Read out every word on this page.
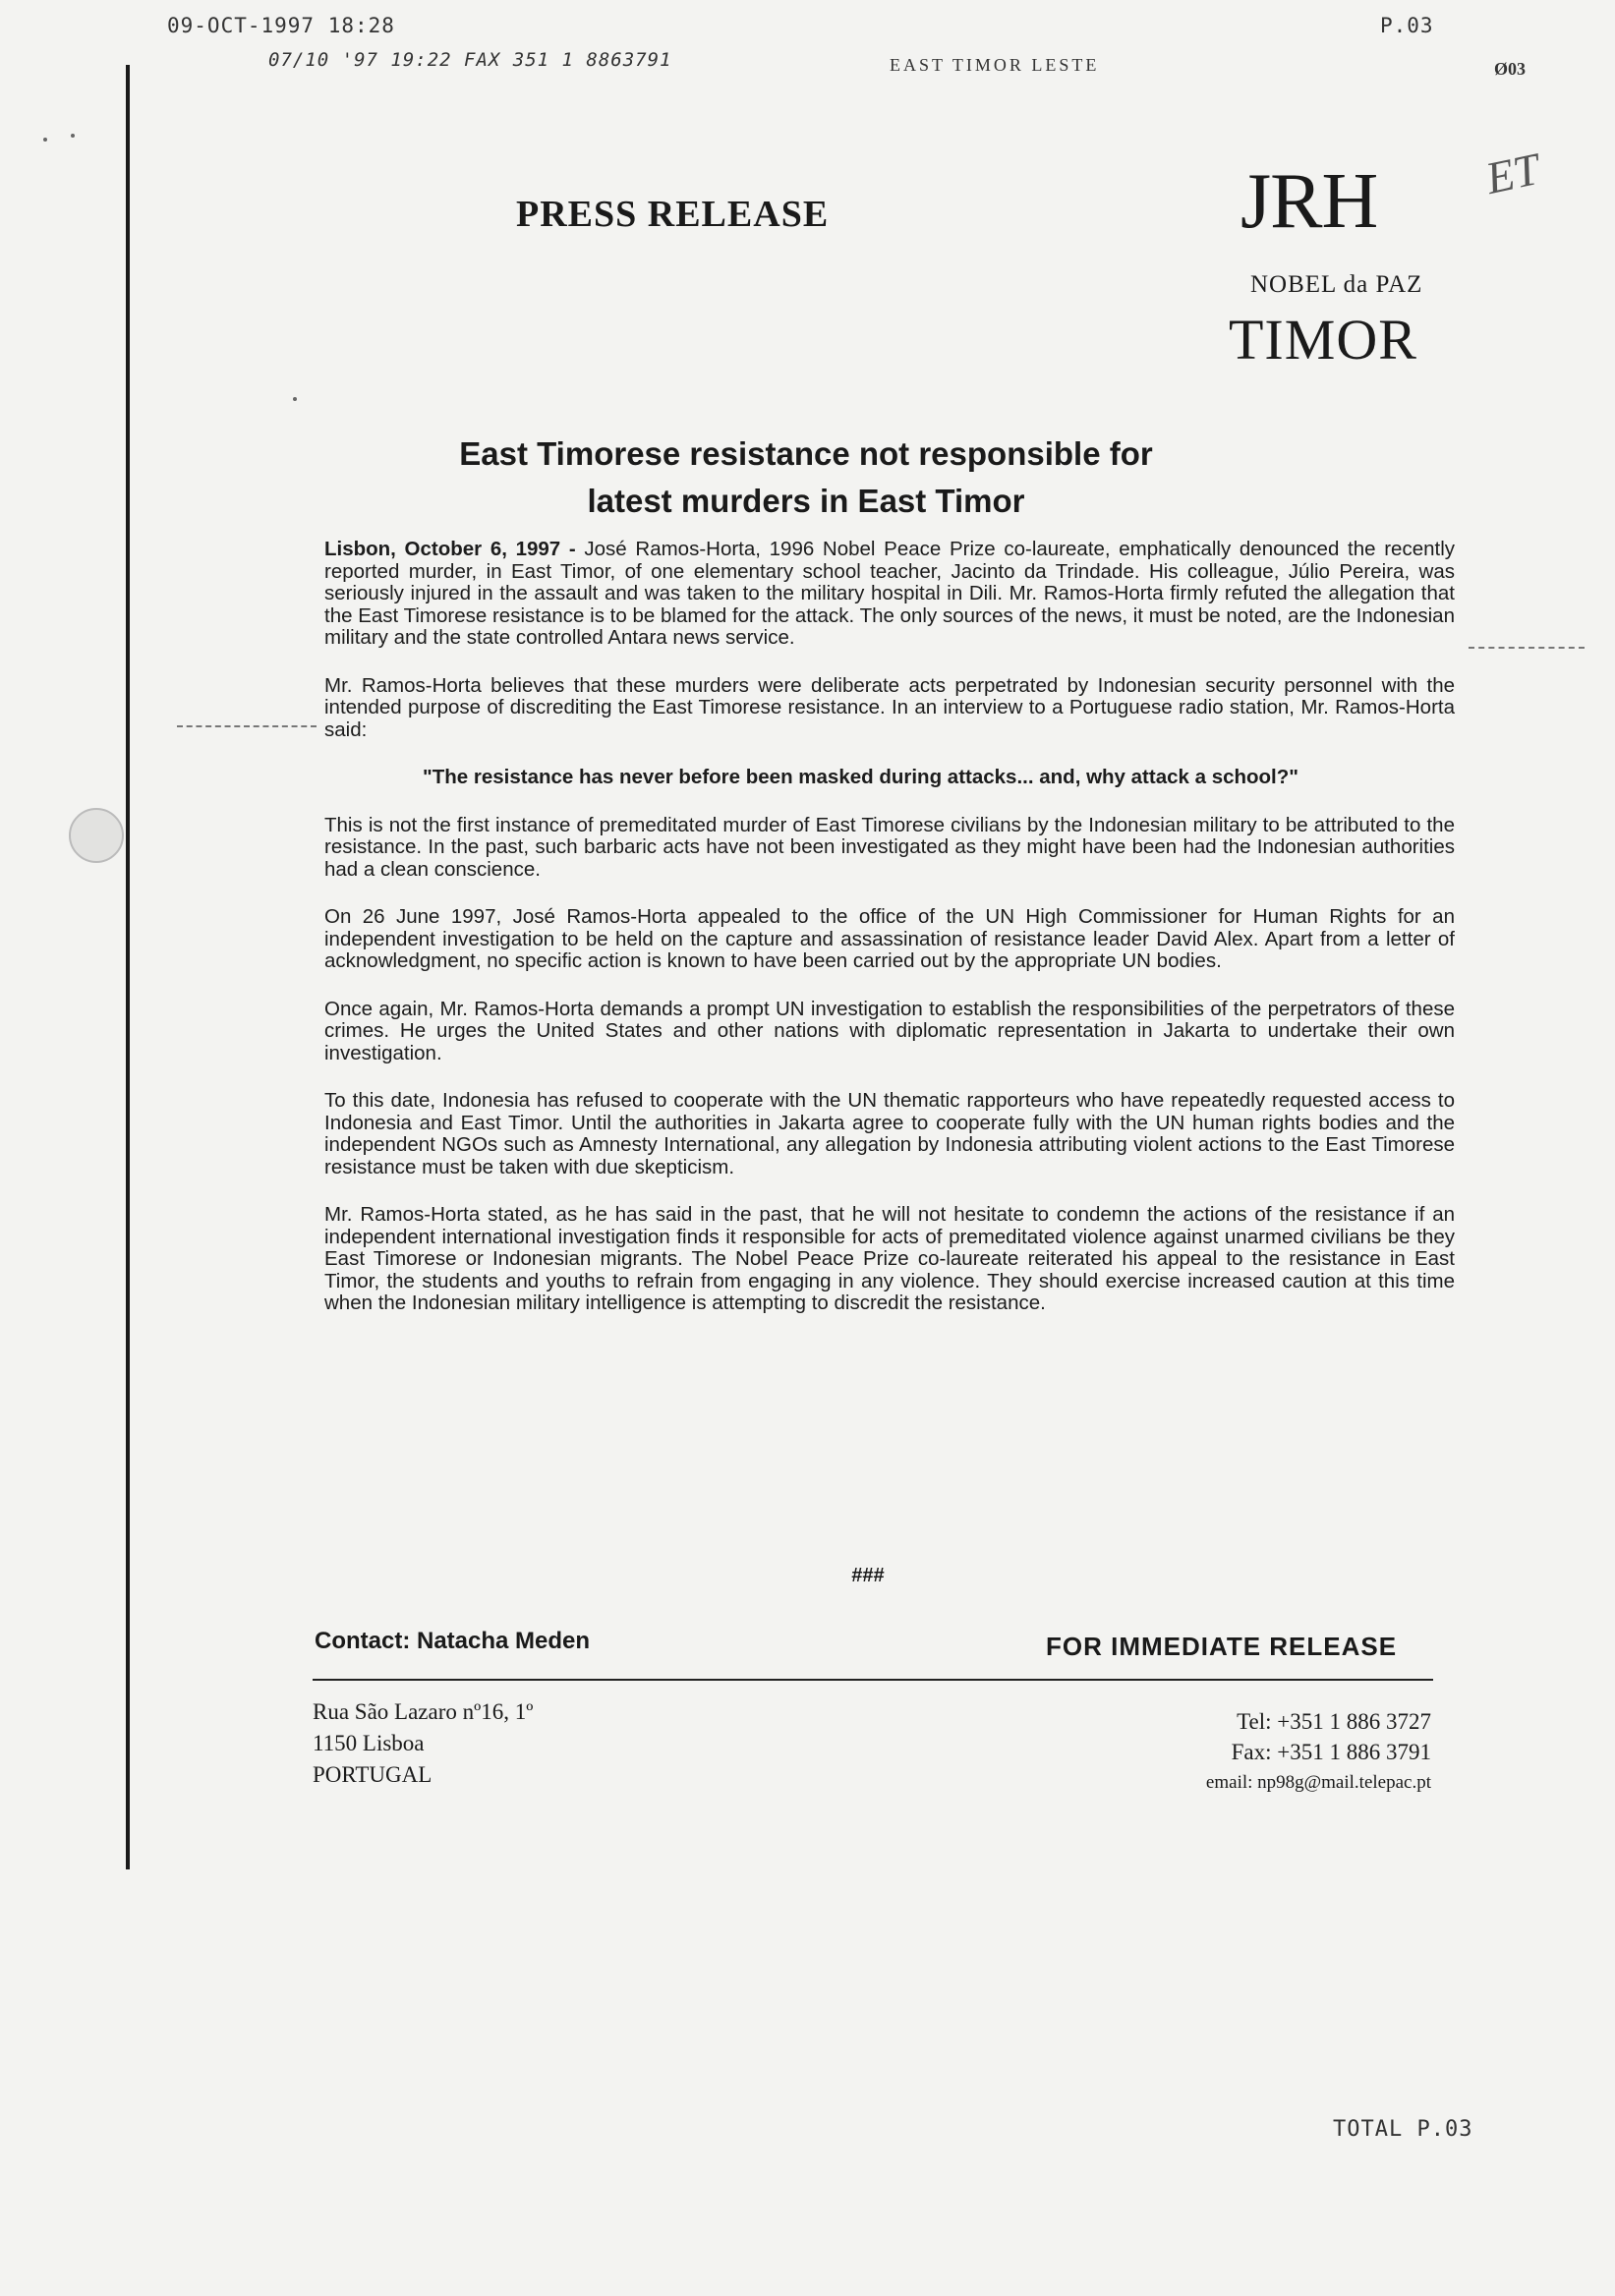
09-OCT-1997 18:28	P.03
07/10 '97 19:22 FAX 351 1 8863791	EAST TIMOR LESTE	Ø03
PRESS RELEASE	JRH ET
NOBEL da PAZ
TIMOR
East Timorese resistance not responsible for
latest murders in East Timor

Lisbon, October 6, 1997 - José Ramos-Horta, 1996 Nobel Peace Prize co-laureate, emphatically denounced the recently reported murder, in East Timor, of one elementary school teacher, Jacinto da Trindade. His colleague, Júlio Pereira, was seriously injured in the assault and was taken to the military hospital in Dili. Mr. Ramos-Horta firmly refuted the allegation that the East Timorese resistance is to be blamed for the attack. The only sources of the news, it must be noted, are the Indonesian military and the state controlled Antara news service.

Mr. Ramos-Horta believes that these murders were deliberate acts perpetrated by Indonesian security personnel with the intended purpose of discrediting the East Timorese resistance. In an interview to a Portuguese radio station, Mr. Ramos-Horta said:

"The resistance has never before been masked during attacks... and, why attack a school?"

This is not the first instance of premeditated murder of East Timorese civilians by the Indonesian military to be attributed to the resistance. In the past, such barbaric acts have not been investigated as they might have been had the Indonesian authorities had a clean conscience.

On 26 June 1997, José Ramos-Horta appealed to the office of the UN High Commissioner for Human Rights for an independent investigation to be held on the capture and assassination of resistance leader David Alex. Apart from a letter of acknowledgment, no specific action is known to have been carried out by the appropriate UN bodies.

Once again, Mr. Ramos-Horta demands a prompt UN investigation to establish the responsibilities of the perpetrators of these crimes. He urges the United States and other nations with diplomatic representation in Jakarta to undertake their own investigation.

To this date, Indonesia has refused to cooperate with the UN thematic rapporteurs who have repeatedly requested access to Indonesia and East Timor. Until the authorities in Jakarta agree to cooperate fully with the UN human rights bodies and the independent NGOs such as Amnesty International, any allegation by Indonesia attributing violent actions to the East Timorese resistance must be taken with due skepticism.

Mr. Ramos-Horta stated, as he has said in the past, that he will not hesitate to condemn the actions of the resistance if an independent international investigation finds it responsible for acts of premeditated violence against unarmed civilians be they East Timorese or Indonesian migrants. The Nobel Peace Prize co-laureate reiterated his appeal to the resistance in East Timor, the students and youths to refrain from engaging in any violence. They should exercise increased caution at this time when the Indonesian military intelligence is attempting to discredit the resistance.

###
Contact: Natacha Meden	FOR IMMEDIATE RELEASE
Rua São Lazaro nº16, 1º
1150 Lisboa
PORTUGAL
Tel: +351 1 886 3727
Fax: +351 1 886 3791
email: np98g@mail.telepac.pt
TOTAL P.03
